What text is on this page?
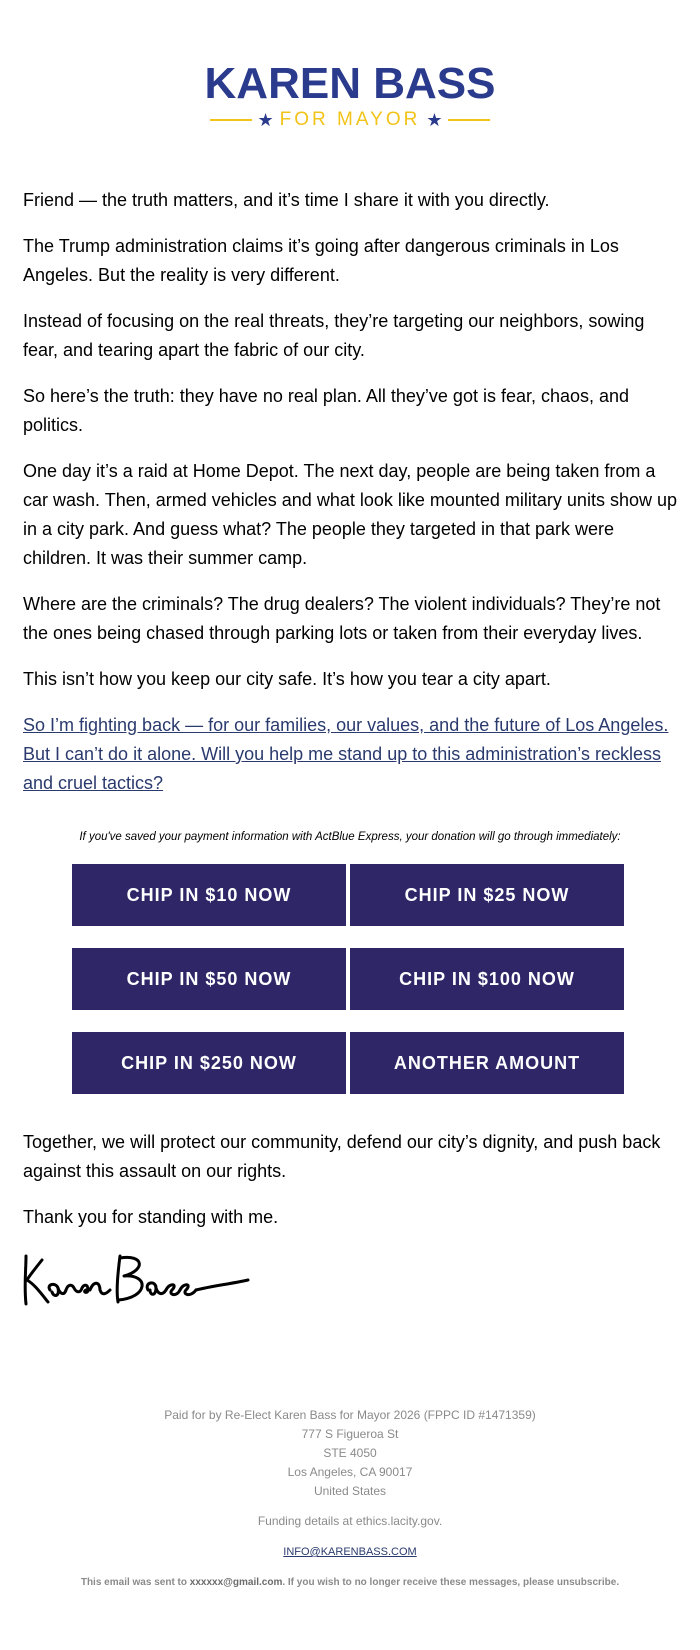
KAREN BASS
★ FOR MAYOR ★

Friend — the truth matters, and it’s time I share it with you directly.

The Trump administration claims it’s going after dangerous criminals in Los Angeles. But the reality is very different.

Instead of focusing on the real threats, they’re targeting our neighbors, sowing fear, and tearing apart the fabric of our city.

So here’s the truth: they have no real plan. All they’ve got is fear, chaos, and politics.

One day it’s a raid at Home Depot. The next day, people are being taken from a car wash. Then, armed vehicles and what look like mounted military units show up in a city park. And guess what? The people they targeted in that park were children. It was their summer camp.

Where are the criminals? The drug dealers? The violent individuals? They’re not the ones being chased through parking lots or taken from their everyday lives.

This isn’t how you keep our city safe. It’s how you tear a city apart.

So I’m fighting back — for our families, our values, and the future of Los Angeles. But I can’t do it alone. Will you help me stand up to this administration’s reckless and cruel tactics?

If you've saved your payment information with ActBlue Express, your donation will go through immediately:
CHIP IN $10 NOW	CHIP IN $25 NOW
CHIP IN $50 NOW	CHIP IN $100 NOW
CHIP IN $250 NOW	ANOTHER AMOUNT

Together, we will protect our community, defend our city’s dignity, and push back against this assault on our rights.

Thank you for standing with me.

Paid for by Re-Elect Karen Bass for Mayor 2026 (FPPC ID #1471359)
777 S Figueroa St
STE 4050
Los Angeles, CA 90017
United States
Funding details at ethics.lacity.gov.
INFO@KARENBASS.COM
This email was sent to xxxxxx@gmail.com. If you wish to no longer receive these messages, please unsubscribe.
